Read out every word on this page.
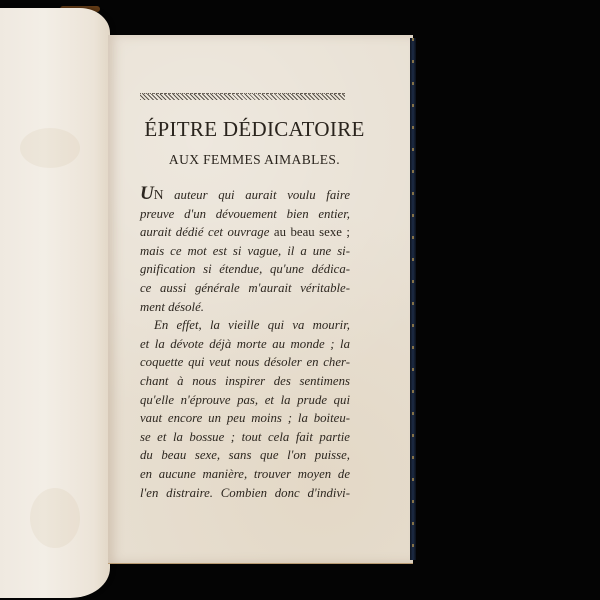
ÉPITRE DÉDICATOIRE
AUX FEMMES AIMABLES.
UN auteur qui aurait voulu faire
preuve d'un dévouement bien entier,
aurait dédié cet ouvrage au beau sexe ;
mais ce mot est si vague, il a une si-
gnification si étendue, qu'une dédica-
ce aussi générale m'aurait véritable-
ment désolé.
En effet, la vieille qui va mourir,
et la dévote déjà morte au monde ; la
coquette qui veut nous désoler en cher-
chant à nous inspirer des sentimens
qu'elle n'éprouve pas, et la prude qui
vaut encore un peu moins ; la boiteu-
se et la bossue ; tout cela fait partie
du beau sexe, sans que l'on puisse,
en aucune manière, trouver moyen de
l'en distraire. Combien donc d'indivi-
